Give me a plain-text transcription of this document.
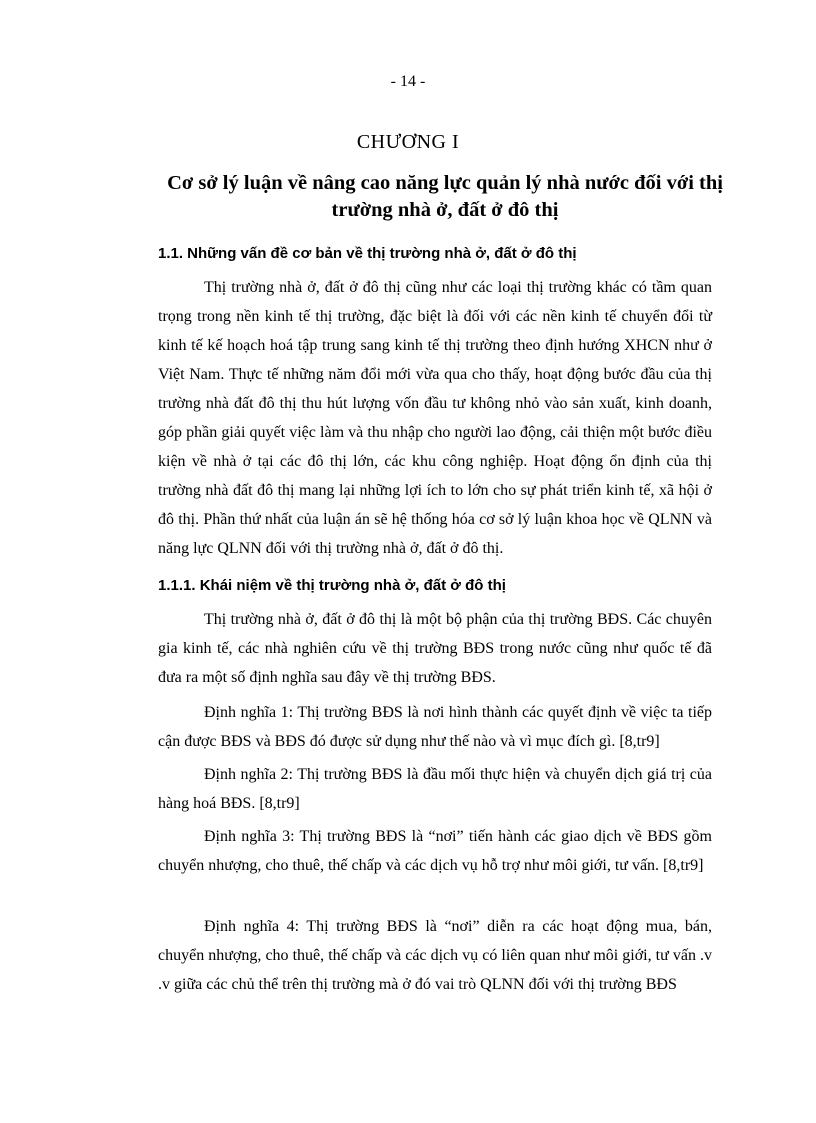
- 14 -
CHƯƠNG I
Cơ sở lý luận về nâng cao năng lực quản lý nhà nước đối với thị trường nhà ở, đất ở đô thị
1.1. Những vấn đề cơ bản về thị trường nhà ở, đất ở đô thị
Thị trường nhà ở, đất ở đô thị cũng như các loại thị trường khác có tầm quan trọng trong nền kinh tế thị trường, đặc biệt là đối với các nền kinh tế chuyển đổi từ kinh tế kế hoạch hoá tập trung sang kinh tế thị trường theo định hướng XHCN như ở Việt Nam. Thực tế những năm đổi mới vừa qua cho thấy, hoạt động bước đầu của thị trường nhà đất đô thị thu hút lượng vốn đầu tư không nhỏ vào sản xuất, kinh doanh, góp phần giải quyết việc làm và thu nhập cho người lao động, cải thiện một bước điều kiện về nhà ở tại các đô thị lớn, các khu công nghiệp. Hoạt động ổn định của thị trường nhà đất đô thị mang lại những lợi ích to lớn cho sự phát triển kinh tế, xã hội ở đô thị. Phần thứ nhất của luận án sẽ hệ thống hóa cơ sở lý luận khoa học về QLNN và năng lực QLNN đối với thị trường nhà ở, đất ở đô thị.
1.1.1. Khái niệm về thị trường nhà ở, đất ở đô thị
Thị trường nhà ở, đất ở đô thị là một bộ phận của thị trường BĐS. Các chuyên gia kinh tế, các nhà nghiên cứu về thị trường BĐS trong nước cũng như quốc tế đã đưa ra một số định nghĩa sau đây về thị trường BĐS.
Định nghĩa 1: Thị trường BĐS là nơi hình thành các quyết định về việc ta tiếp cận được BĐS và BĐS đó được sử dụng như thế nào và vì mục đích gì. [8,tr9]
Định nghĩa 2: Thị trường BĐS là đầu mối thực hiện và chuyển dịch giá trị của hàng hoá BĐS. [8,tr9]
Định nghĩa 3: Thị trường BĐS là “nơi” tiến hành các giao dịch về BĐS gồm chuyển nhượng, cho thuê, thế chấp và các dịch vụ hỗ trợ như môi giới, tư vấn. [8,tr9]
Định nghĩa 4: Thị trường BĐS là “nơi” diễn ra các hoạt động mua, bán, chuyển nhượng, cho thuê, thế chấp và các dịch vụ có liên quan như môi giới, tư vấn .v .v giữa các chủ thể trên thị trường mà ở đó vai trò QLNN đối với thị trường BĐS
